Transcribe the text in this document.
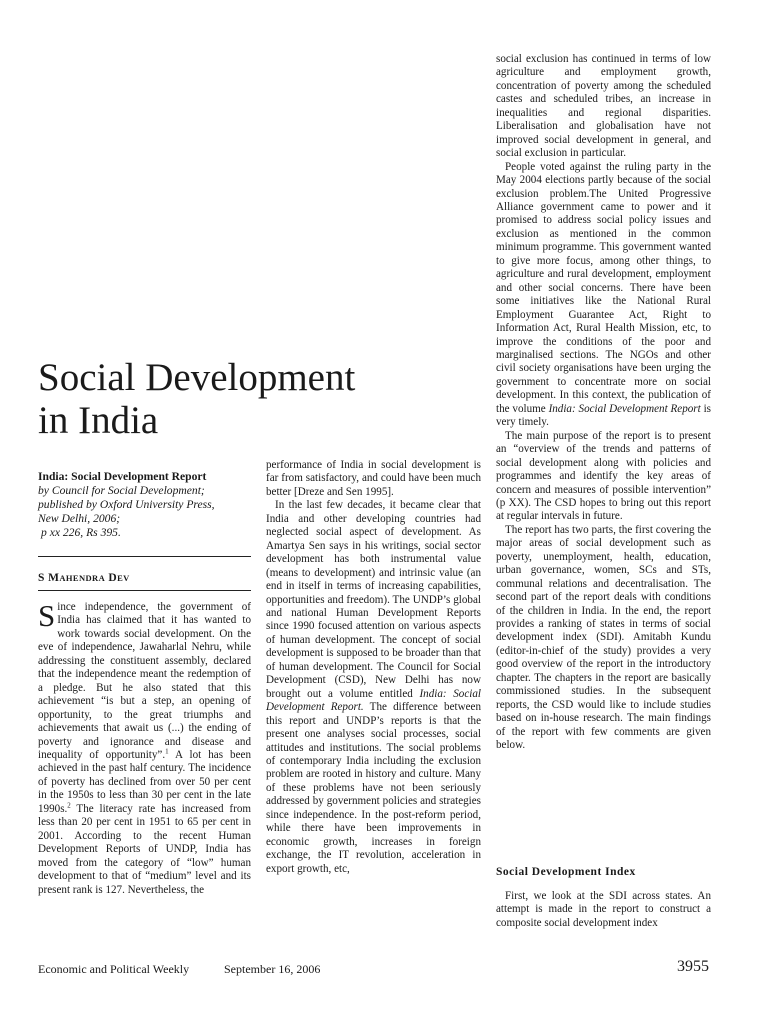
Social Development
in India
India: Social Development Report
by Council for Social Development;
published by Oxford University Press,
New Delhi, 2006;
p xx 226, Rs 395.
S MAHENDRA DEV

Since independence, the government of India has claimed that it has wanted to work towards social development. On the eve of independence, Jawaharlal Nehru, while addressing the constituent assembly, declared that the independence meant the redemption of a pledge. But he also stated that this achievement “is but a step, an opening of opportunity, to the great triumphs and achievements that await us (...) the ending of poverty and ignorance and disease and inequality of opportunity”.$^1$ A lot has been achieved in the past half century. The incidence of poverty has declined from over 50 per cent in the 1950s to less than 30 per cent in the late 1990s.$^2$ The literacy rate has increased from less than 20 per cent in 1951 to 65 per cent in 2001. According to the recent Human Development Reports of UNDP, India has moved from the category of “low” human development to that of “medium” level and its present rank is 127. Nevertheless, the

performance of India in social development is far from satisfactory, and could have been much better [Dreze and Sen 1995].

In the last few decades, it became clear that India and other developing countries had neglected social aspect of development. As Amartya Sen says in his writings, social sector development has both instrumental value (means to development) and intrinsic value (an end in itself in terms of increasing capabilities, opportunities and freedom). The UNDP’s global and national Human Development Reports since 1990 focused attention on various aspects of human development. The concept of social development is supposed to be broader than that of human development. The Council for Social Development (CSD), New Delhi has now brought out a volume entitled India: Social Development Report. The difference between this report and UNDP’s reports is that the present one analyses social processes, social attitudes and institutions. The social problems of contemporary India including the exclusion problem are rooted in history and culture. Many of these problems have not been seriously addressed by government policies and strategies since independence. In the post-reform period, while there have been improvements in economic growth, increases in foreign exchange, the IT revolution, acceleration in export growth, etc,

social exclusion has continued in terms of low agriculture and employment growth, concentration of poverty among the scheduled castes and scheduled tribes, an increase in inequalities and regional disparities. Liberalisation and globalisation have not improved social development in general, and social exclusion in particular.

People voted against the ruling party in the May 2004 elections partly because of the social exclusion problem.The United Progressive Alliance government came to power and it promised to address social policy issues and exclusion as mentioned in the common minimum programme. This government wanted to give more focus, among other things, to agriculture and rural development, employment and other social concerns. There have been some initiatives like the National Rural Employment Guarantee Act, Right to Information Act, Rural Health Mission, etc, to improve the conditions of the poor and marginalised sections. The NGOs and other civil society organisations have been urging the government to concentrate more on social development. In this context, the publication of the volume India: Social Development Report is very timely.

The main purpose of the report is to present an “overview of the trends and patterns of social development along with policies and programmes and identify the key areas of concern and measures of possible intervention” (p XX). The CSD hopes to bring out this report at regular intervals in future.

The report has two parts, the first covering the major areas of social development such as poverty, unemployment, health, education, urban governance, women, SCs and STs, communal relations and decentralisation. The second part of the report deals with conditions of the children in India. In the end, the report provides a ranking of states in terms of social development index (SDI). Amitabh Kundu (editor-in-chief of the study) provides a very good overview of the report in the introductory chapter. The chapters in the report are basically commissioned studies. In the subsequent reports, the CSD would like to include studies based on in-house research. The main findings of the report with few comments are given below.

Social Development Index

First, we look at the SDI across states. An attempt is made in the report to construct a composite social development index

Economic and Political Weekly	September 16, 2006	3955
